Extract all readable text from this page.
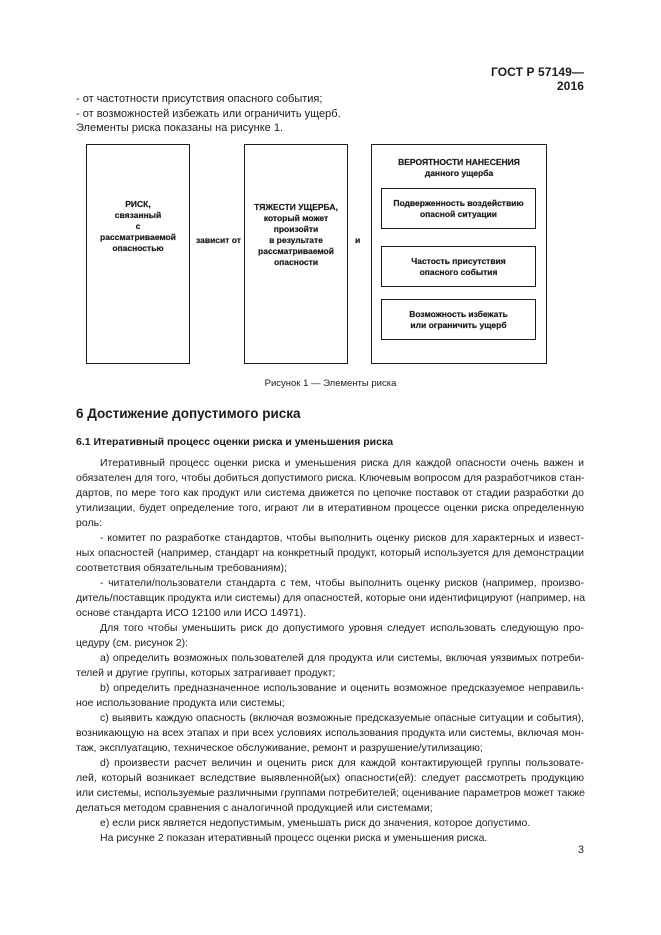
ГОСТ Р 57149—2016
- от частотности присутствия опасного события;
- от возможностей избежать или ограничить ущерб.
Элементы риска показаны на рисунке 1.
РИСК,
связанный
с
рассматриваемой
опасностью
зависит от
ТЯЖЕСТИ УЩЕРБА,
который может
произойти
в результате
рассматриваемой
опасности
и
ВЕРОЯТНОСТИ НАНЕСЕНИЯ
данного ущерба
Подверженность воздействию
опасной ситуации
Частость присутствия
опасного события
Возможность избежать
или ограничить ущерб
Рисунок 1 — Элементы риска
6 Достижение допустимого риска
6.1 Итеративный процесс оценки риска и уменьшения риска
Итеративный процесс оценки риска и уменьшения риска для каждой опасности очень важен и
обязателен для того, чтобы добиться допустимого риска. Ключевым вопросом для разработчиков стан-
дартов, по мере того как продукт или система движется по цепочке поставок от стадии разработки до
утилизации, будет определение того, играют ли в итеративном процессе оценки риска определенную
роль:
- комитет по разработке стандартов, чтобы выполнить оценку рисков для характерных и извест-
ных опасностей (например, стандарт на конкретный продукт, который используется для демонстрации
соответствия обязательным требованиям);
- читатели/пользователи стандарта с тем, чтобы выполнить оценку рисков (например, произво-
дитель/поставщик продукта или системы) для опасностей, которые они идентифицируют (например, на
основе стандарта ИСО 12100 или ИСО 14971).
Для того чтобы уменьшить риск до допустимого уровня следует использовать следующую про-
цедуру (см. рисунок 2):
a) определить возможных пользователей для продукта или системы, включая уязвимых потреби-
телей и другие группы, которых затрагивает продукт;
b) определить предназначенное использование и оценить возможное предсказуемое неправиль-
ное использование продукта или системы;
c) выявить каждую опасность (включая возможные предсказуемые опасные ситуации и события),
возникающую на всех этапах и при всех условиях использования продукта или системы, включая мон-
таж, эксплуатацию, техническое обслуживание, ремонт и разрушение/утилизацию;
d) произвести расчет величин и оценить риск для каждой контактирующей группы пользовате-
лей, который возникает вследствие выявленной(ых) опасности(ей): следует рассмотреть продукцию
или системы, используемые различными группами потребителей; оценивание параметров может также
делаться методом сравнения с аналогичной продукцией или системами;
e) если риск является недопустимым, уменьшать риск до значения, которое допустимо.
На рисунке 2 показан итеративный процесс оценки риска и уменьшения риска.
3
